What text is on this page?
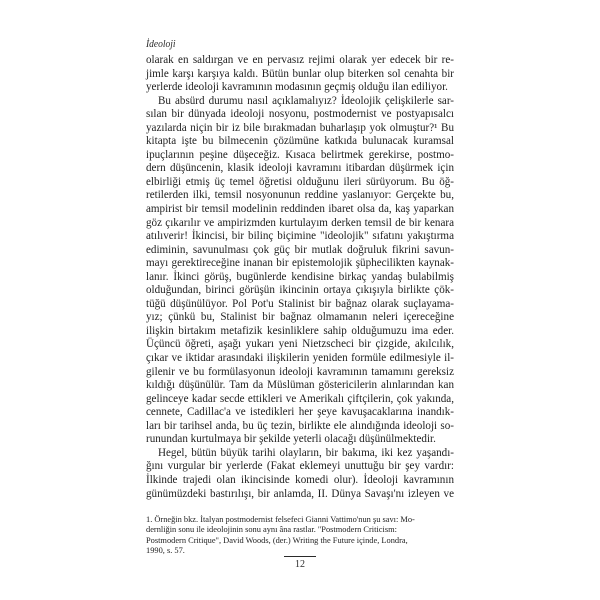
İdeoloji
olarak en saldırgan ve en pervasız rejimi olarak yer edecek bir re-
jimle karşı karşıya kaldı. Bütün bunlar olup biterken sol cenahta bir
yerlerde ideoloji kavramının modasının geçmiş olduğu ilan ediliyor.
Bu absürd durumu nasıl açıklamalıyız? İdeolojik çelişkilerle sar-
sılan bir dünyada ideoloji nosyonu, postmodernist ve postyapısalcı
yazılarda niçin bir iz bile bırakmadan buharlaşıp yok olmuştur?¹ Bu
kitapta işte bu bilmecenin çözümüne katkıda bulunacak kuramsal
ipuçlarının peşine düşeceğiz. Kısaca belirtmek gerekirse, postmo-
dern düşüncenin, klasik ideoloji kavramını itibardan düşürmek için
elbirliği etmiş üç temel öğretisi olduğunu ileri sürüyorum. Bu öğ-
retilerden ilki, temsil nosyonunun reddine yaslanıyor: Gerçekte bu,
ampirist bir temsil modelinin reddinden ibaret olsa da, kaş yaparkan
göz çıkarılır ve ampirizmden kurtulayım derken temsil de bir kenara
atılıverir! İkincisi, bir bilinç biçimine "ideolojik" sıfatını yakıştırma
ediminin, savunulması çok güç bir mutlak doğruluk fikrini savun-
mayı gerektireceğine inanan bir epistemolojik şüphecilikten kaynak-
lanır. İkinci görüş, bugünlerde kendisine birkaç yandaş bulabilmiş
olduğundan, birinci görüşün ikincinin ortaya çıkışıyla birlikte çök-
tüğü düşünülüyor. Pol Pot'u Stalinist bir bağnaz olarak suçlayama-
yız; çünkü bu, Stalinist bir bağnaz olmamanın neleri içereceğine
ilişkin birtakım metafizik kesinliklere sahip olduğumuzu ima eder.
Üçüncü öğreti, aşağı yukarı yeni Nietzscheci bir çizgide, akılcılık,
çıkar ve iktidar arasındaki ilişkilerin yeniden formüle edilmesiyle il-
gilenir ve bu formülasyonun ideoloji kavramının tamamını gereksiz
kıldığı düşünülür. Tam da Müslüman göstericilerin alınlarından kan
gelinceye kadar secde ettikleri ve Amerikalı çiftçilerin, çok yakında,
cennete, Cadillac'a ve istedikleri her şeye kavuşacaklarına inandık-
ları bir tarihsel anda, bu üç tezin, birlikte ele alındığında ideoloji so-
runundan kurtulmaya bir şekilde yeterli olacağı düşünülmektedir.
Hegel, bütün büyük tarihi olayların, bir bakıma, iki kez yaşandı-
ğını vurgular bir yerlerde (Fakat eklemeyi unuttuğu bir şey vardır:
İlkinde trajedi olan ikincisinde komedi olur). İdeoloji kavramının
günümüzdeki bastırılışı, bir anlamda, II. Dünya Savaşı'nı izleyen ve
1. Örneğin bkz. İtalyan postmodernist felsefeci Gianni Vattimo'nun şu savı: Mo-
dernliğin sonu ile ideolojinin sonu aynı âna rastlar. "Postmodern Criticism:
Postmodern Critique", David Woods, (der.) Writing the Future içinde, Londra,
1990, s. 57.
12
